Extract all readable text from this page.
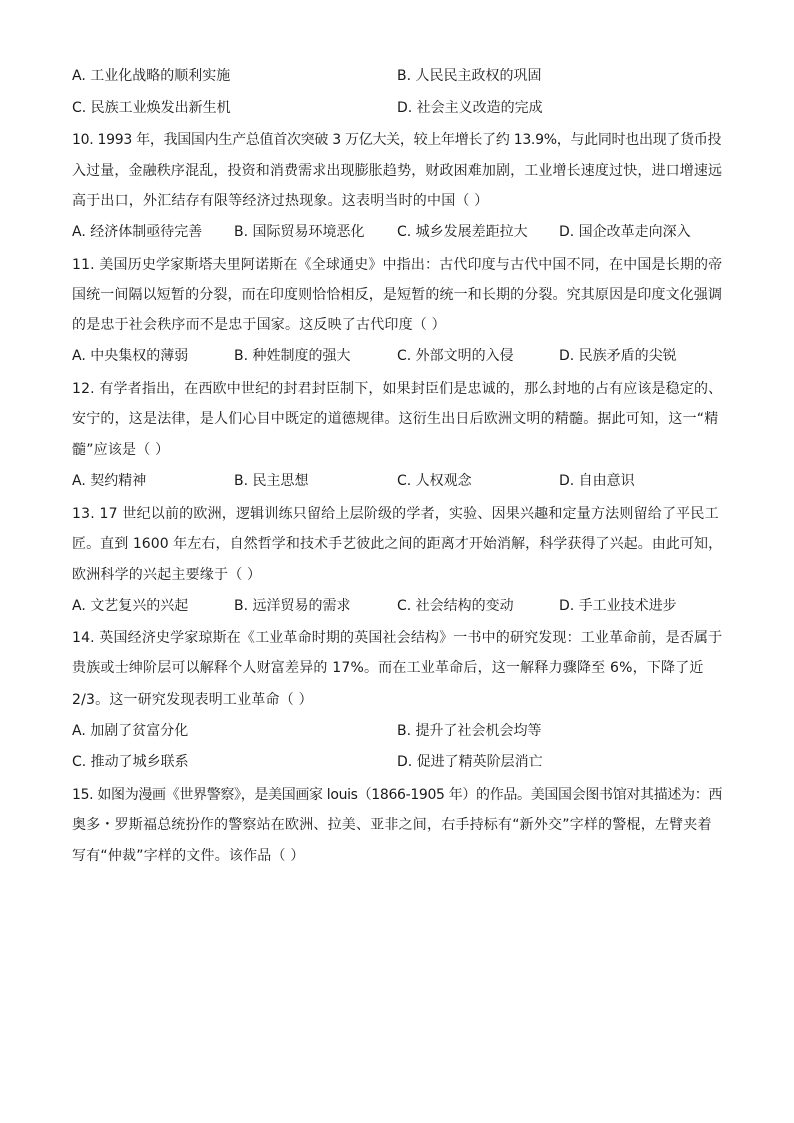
A. 工业化战略的顺利实施	B. 人民民主政权的巩固
C. 民族工业焕发出新生机	D. 社会主义改造的完成
10. 1993 年，我国国内生产总值首次突破 3 万亿大关，较上年增长了约 13.9%，与此同时也出现了货币投
入过量，金融秩序混乱，投资和消费需求出现膨胀趋势，财政困难加剧，工业增长速度过快，进口增速远
高于出口，外汇结存有限等经济过热现象。这表明当时的中国（ ）
A. 经济体制亟待完善 B. 国际贸易环境恶化 C. 城乡发展差距拉大 D. 国企改革走向深入
11. 美国历史学家斯塔夫里阿诺斯在《全球通史》中指出：古代印度与古代中国不同，在中国是长期的帝
国统一间隔以短暂的分裂，而在印度则恰恰相反，是短暂的统一和长期的分裂。究其原因是印度文化强调
的是忠于社会秩序而不是忠于国家。这反映了古代印度（ ）
A. 中央集权的薄弱	B. 种姓制度的强大	C. 外部文明的入侵	D. 民族矛盾的尖锐
12. 有学者指出，在西欧中世纪的封君封臣制下，如果封臣们是忠诚的，那么封地的占有应该是稳定的、
安宁的，这是法律，是人们心目中既定的道德规律。这衍生出日后欧洲文明的精髓。据此可知，这一“精
髓”应该是（ ）
A. 契约精神	B. 民主思想	C. 人权观念	D. 自由意识
13. 17 世纪以前的欧洲，逻辑训练只留给上层阶级的学者，实验、因果兴趣和定量方法则留给了平民工
匠。直到 1600 年左右，自然哲学和技术手艺彼此之间的距离才开始消解，科学获得了兴起。由此可知，
欧洲科学的兴起主要缘于（ ）
A. 文艺复兴的兴起	B. 远洋贸易的需求	C. 社会结构的变动	D. 手工业技术进步
14. 英国经济史学家琼斯在《工业革命时期的英国社会结构》一书中的研究发现：工业革命前，是否属于
贵族或士绅阶层可以解释个人财富差异的 17%。而在工业革命后，这一解释力骤降至 6%，下降了近
2/3。这一研究发现表明工业革命（ ）
A. 加剧了贫富分化	B. 提升了社会机会均等
C. 推动了城乡联系	D. 促进了精英阶层消亡
15. 如图为漫画《世界警察》，是美国画家 louis（1866-1905 年）的作品。美国国会图书馆对其描述为：西
奥多・罗斯福总统扮作的警察站在欧洲、拉美、亚非之间，右手持标有“新外交”字样的警棍，左臂夹着
写有“仲裁”字样的文件。该作品（ ）
